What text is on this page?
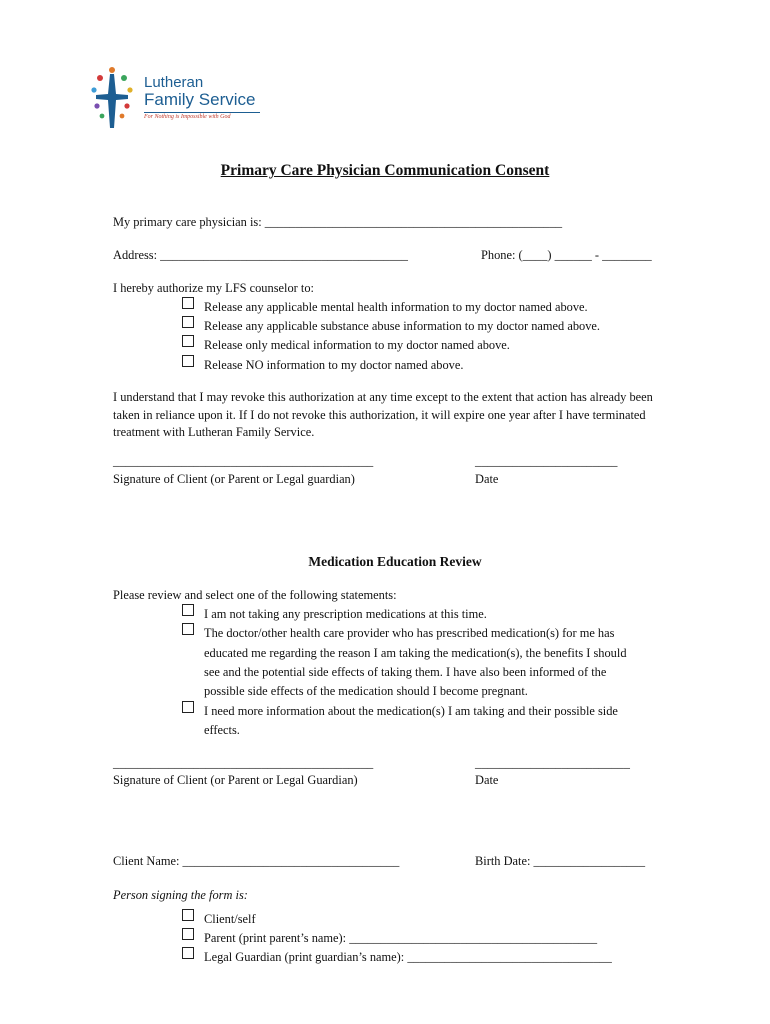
Lutheran
Family Service
For Nothing is Impossible with God
Primary Care Physician Communication Consent
My primary care physician is: ________________________________________________
Address: ________________________________________	Phone: (____) ______ - ________
I hereby authorize my LFS counselor to:
Release any applicable mental health information to my doctor named above.
Release any applicable substance abuse information to my doctor named above.
Release only medical information to my doctor named above.
Release NO information to my doctor named above.
I understand that I may revoke this authorization at any time except to the extent that action has already been taken in reliance upon it. If I do not revoke this authorization, it will expire one year after I have terminated treatment with Lutheran Family Service.
__________________________________________
Signature of Client (or Parent or Legal guardian)
_______________________
Date
Medication Education Review
Please review and select one of the following statements:
I am not taking any prescription medications at this time.
The doctor/other health care provider who has prescribed medication(s) for me has
educated me regarding the reason I am taking the medication(s), the benefits I should
see and the potential side effects of taking them. I have also been informed of the
possible side effects of the medication should I become pregnant.
I need more information about the medication(s) I am taking and their possible side
effects.
__________________________________________
Signature of Client (or Parent or Legal Guardian)
_________________________
Date
Client Name: ___________________________________	Birth Date: __________________
Person signing the form is:
Client/self
Parent (print parent’s name): ________________________________________
Legal Guardian (print guardian’s name): _________________________________
